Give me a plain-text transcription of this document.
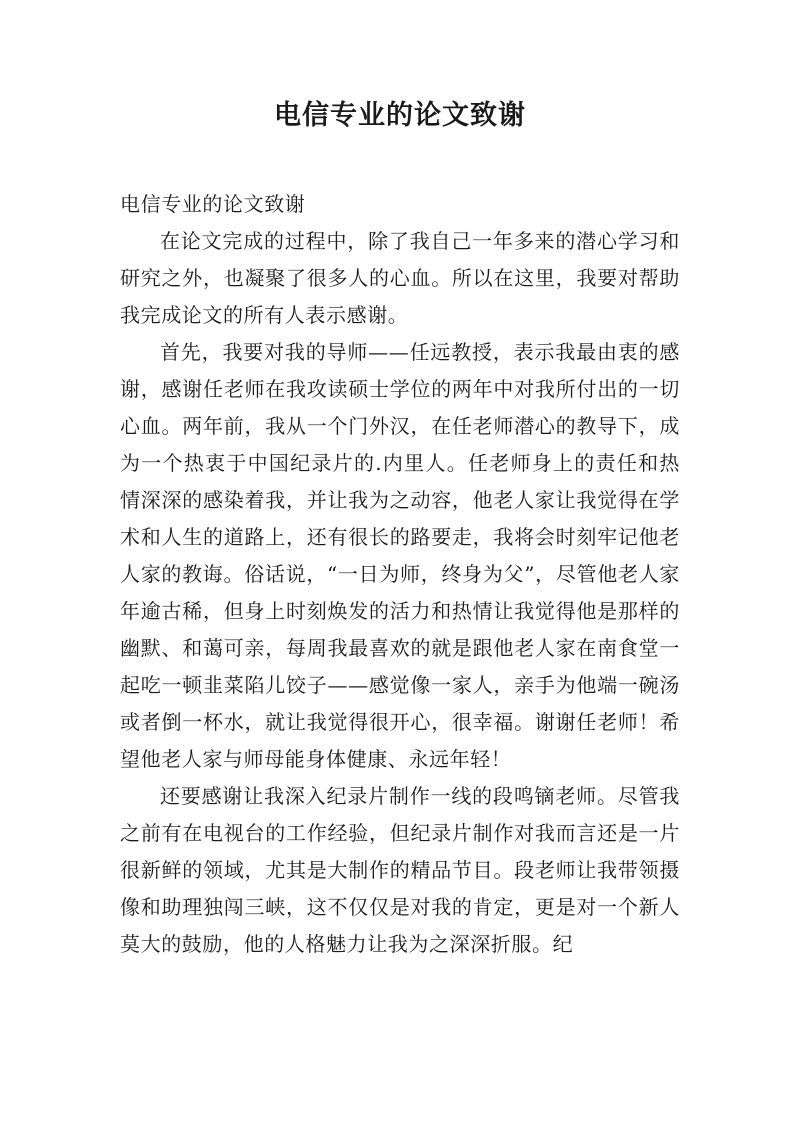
电信专业的论文致谢

电信专业的论文致谢

在论文完成的过程中，除了我自己一年多来的潜心学习和研究之外，也凝聚了很多人的心血。所以在这里，我要对帮助我完成论文的所有人表示感谢。

首先，我要对我的导师——任远教授，表示我最由衷的感谢，感谢任老师在我攻读硕士学位的两年中对我所付出的一切心血。两年前，我从一个门外汉，在任老师潜心的教导下，成为一个热衷于中国纪录片的.内里人。任老师身上的责任和热情深深的感染着我，并让我为之动容，他老人家让我觉得在学术和人生的道路上，还有很长的路要走，我将会时刻牢记他老人家的教诲。俗话说，“一日为师，终身为父”，尽管他老人家年逾古稀，但身上时刻焕发的活力和热情让我觉得他是那样的幽默、和蔼可亲，每周我最喜欢的就是跟他老人家在南食堂一起吃一顿韭菜陷儿饺子——感觉像一家人，亲手为他端一碗汤或者倒一杯水，就让我觉得很开心，很幸福。谢谢任老师！希望他老人家与师母能身体健康、永远年轻！

还要感谢让我深入纪录片制作一线的段鸣镝老师。尽管我之前有在电视台的工作经验，但纪录片制作对我而言还是一片很新鲜的领域，尤其是大制作的精品节目。段老师让我带领摄像和助理独闯三峡，这不仅仅是对我的肯定，更是对一个新人莫大的鼓励，他的人格魅力让我为之深深折服。纪
